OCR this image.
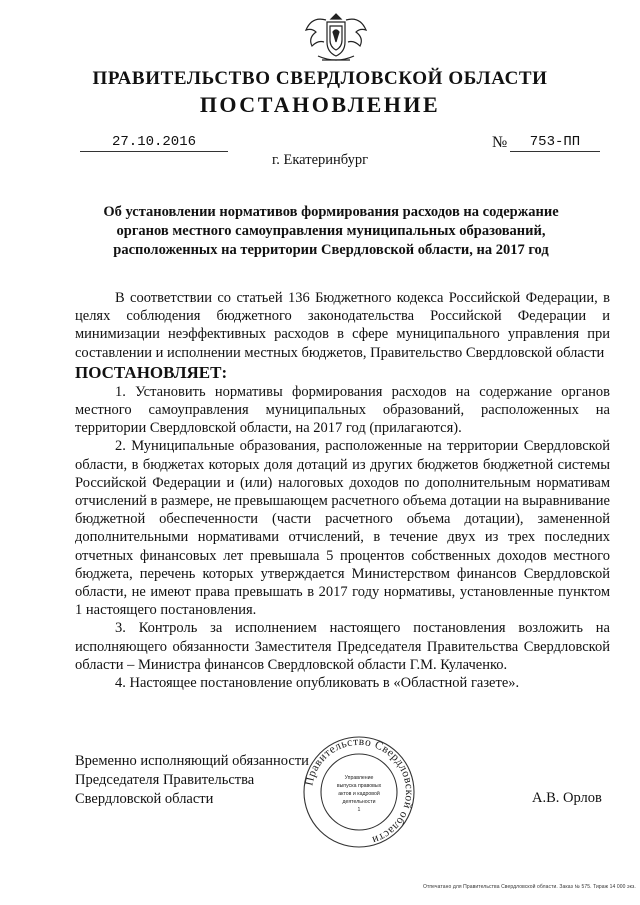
ПРАВИТЕЛЬСТВО СВЕРДЛОВСКОЙ ОБЛАСТИ
ПОСТАНОВЛЕНИЕ
27.10.2016	№	753-ПП
г. Екатеринбург
Об установлении нормативов формирования расходов на содержание органов местного самоуправления муниципальных образований, расположенных на территории Свердловской области, на 2017 год

В соответствии со статьей 136 Бюджетного кодекса Российской Федерации, в целях соблюдения бюджетного законодательства Российской Федерации и минимизации неэффективных расходов в сфере муниципального управления при составлении и исполнении местных бюджетов, Правительство Свердловской области

ПОСТАНОВЛЯЕТ:

1. Установить нормативы формирования расходов на содержание органов местного самоуправления муниципальных образований, расположенных на территории Свердловской области, на 2017 год (прилагаются).

2. Муниципальные образования, расположенные на территории Свердловской области, в бюджетах которых доля дотаций из других бюджетов бюджетной системы Российской Федерации и (или) налоговых доходов по дополнительным нормативам отчислений в размере, не превышающем расчетного объема дотации на выравнивание бюджетной обеспеченности (части расчетного объема дотации), замененной дополнительными нормативами отчислений, в течение двух из трех последних отчетных финансовых лет превышала 5 процентов собственных доходов местного бюджета, перечень которых утверждается Министерством финансов Свердловской области, не имеют права превышать в 2017 году нормативы, установленные пунктом 1 настоящего постановления.

3. Контроль за исполнением настоящего постановления возложить на исполняющего обязанности Заместителя Председателя Правительства Свердловской области – Министра финансов Свердловской области Г.М. Кулаченко.

4. Настоящее постановление опубликовать в «Областной газете».

Временно исполняющий обязанности
Председателя Правительства
Свердловской области	А.В. Орлов
Правительство Свердловской области
Управление
выпуска правовых
актов и кадровой
деятельности
1
Отпечатано для Правительства Свердловской области. Заказ № 575. Тираж 14 000 экз.
